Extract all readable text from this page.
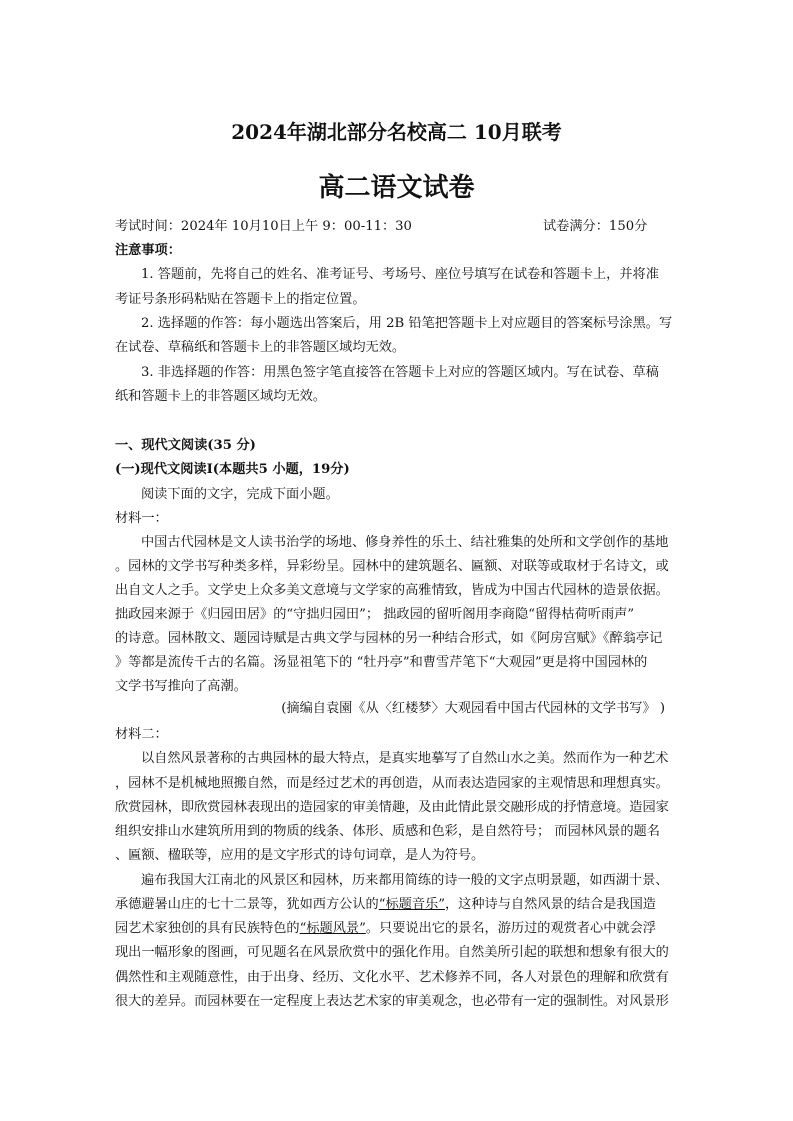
2024年湖北部分名校高二 10月联考
高二语文试卷
考试时间：2024年 10月10日上午 9：00-11：30	试卷满分：150分
注意事项：
1. 答题前，先将自己的姓名、准考证号、考场号、座位号填写在试卷和答题卡上，并将准
考证号条形码粘贴在答题卡上的指定位置。
2. 选择题的作答：每小题选出答案后，用 2B 铅笔把答题卡上对应题目的答案标号涂黑。写
在试卷、草稿纸和答题卡上的非答题区域均无效。
3. 非选择题的作答：用黑色签字笔直接答在答题卡上对应的答题区域内。写在试卷、草稿
纸和答题卡上的非答题区域均无效。
一、现代文阅读(35 分)
(一)现代文阅读Ⅰ(本题共5 小题，19分)
阅读下面的文字，完成下面小题。
材料一：
中国古代园林是文人读书治学的场地、修身养性的乐土、结社雅集的处所和文学创作的基地
。园林的文学书写种类多样，异彩纷呈。园林中的建筑题名、匾额、对联等或取材于名诗文，或
出自文人之手。文学史上众多美文意境与文学家的高雅情致，皆成为中国古代园林的造景依据。
拙政园来源于《归园田居》的“守拙归园田”； 拙政园的留听阁用李商隐“留得枯荷听雨声”
的诗意。园林散文、题园诗赋是古典文学与园林的另一种结合形式，如《阿房宫赋》《醉翁亭记
》等都是流传千古的名篇。汤显祖笔下的 “牡丹亭”和曹雪芹笔下“大观园”更是将中国园林的
文学书写推向了高潮。
(摘编自袁園《从〈红楼梦〉大观园看中国古代园林的文学书写》 )
材料二：
以自然风景著称的古典园林的最大特点，是真实地摹写了自然山水之美。然而作为一种艺术
，园林不是机械地照搬自然，而是经过艺术的再创造，从而表达造园家的主观情思和理想真实。
欣赏园林，即欣赏园林表现出的造园家的审美情趣，及由此情此景交融形成的抒情意境。造园家
组织安排山水建筑所用到的物质的线条、体形、质感和色彩，是自然符号； 而园林风景的题名
、匾额、楹联等，应用的是文字形式的诗句词章，是人为符号。
遍布我国大江南北的风景区和园林，历来都用简练的诗一般的文字点明景题，如西湖十景、
承德避暑山庄的七十二景等，犹如西方公认的“标题音乐”，这种诗与自然风景的结合是我国造
园艺术家独创的具有民族特色的“标题风景”。只要说出它的景名，游历过的观赏者心中就会浮
现出一幅形象的图画，可见题名在风景欣赏中的强化作用。自然美所引起的联想和想象有很大的
偶然性和主观随意性，由于出身、经历、文化水平、艺术修养不同，各人对景色的理解和欣赏有
很大的差异。而园林要在一定程度上表达艺术家的审美观念，也必带有一定的强制性。对风景形
